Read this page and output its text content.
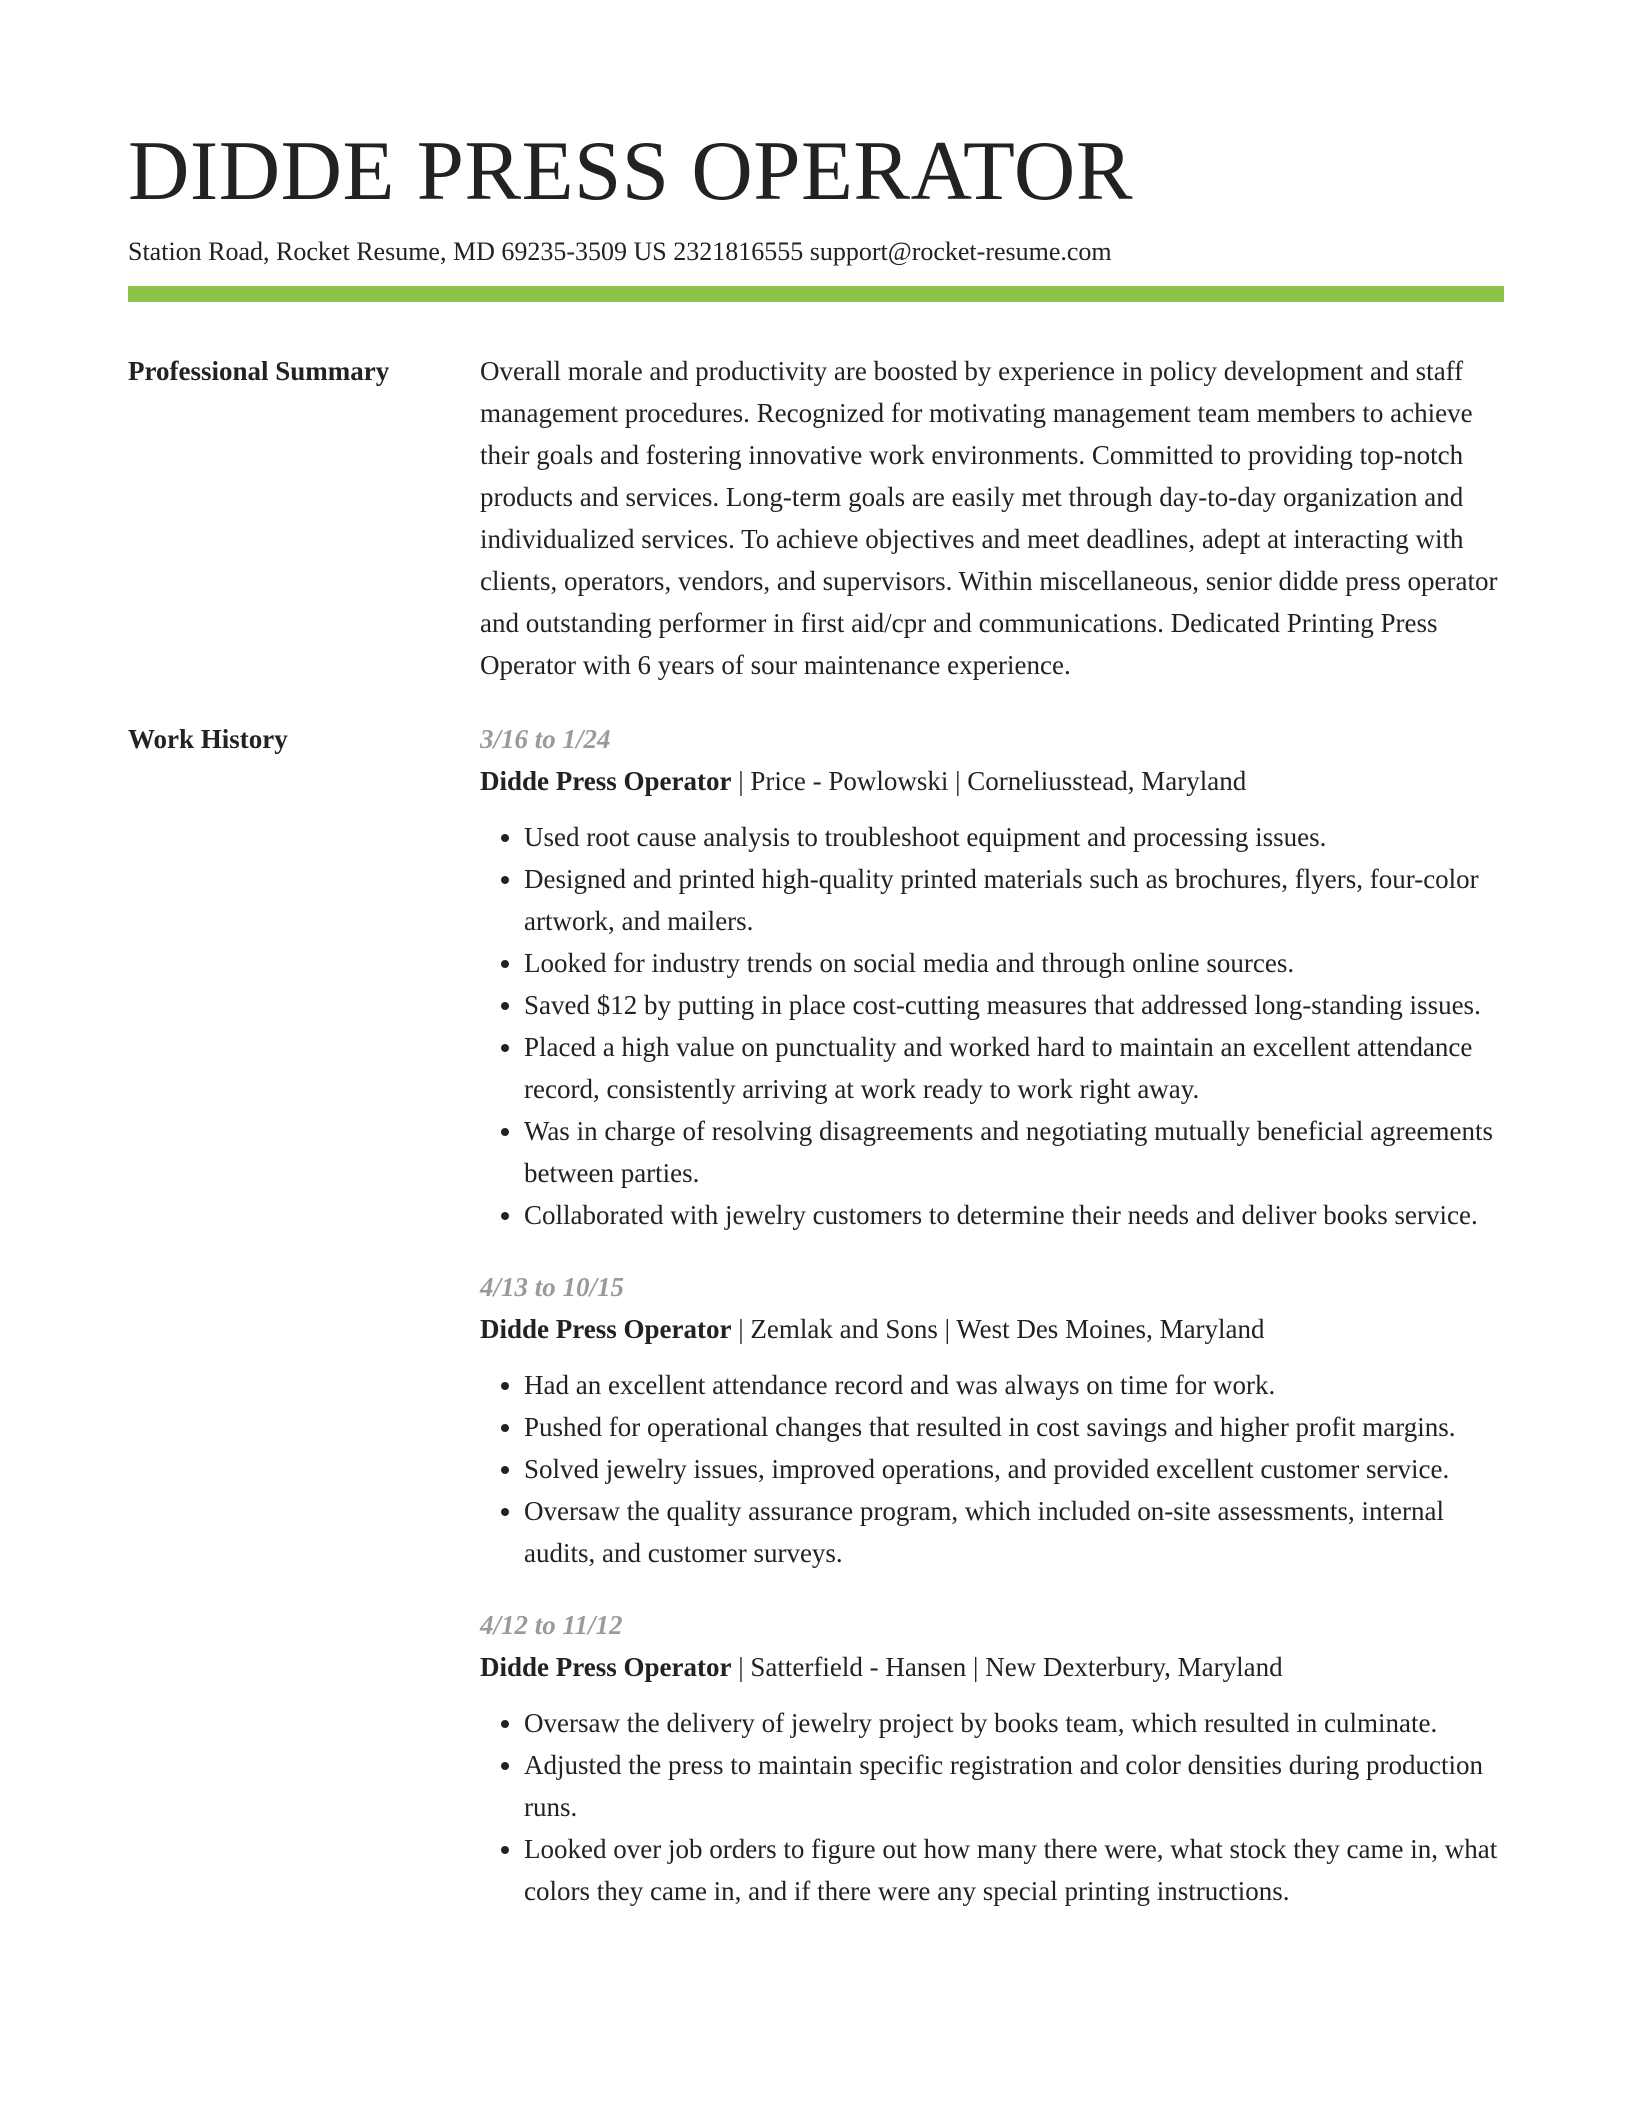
DIDDE PRESS OPERATOR
Station Road, Rocket Resume, MD 69235-3509 US 2321816555 support@rocket-resume.com
Professional Summary	Overall morale and productivity are boosted by experience in policy development and staff management procedures. Recognized for motivating management team members to achieve their goals and fostering innovative work environments. Committed to providing top-notch products and services. Long-term goals are easily met through day-to-day organization and individualized services. To achieve objectives and meet deadlines, adept at interacting with clients, operators, vendors, and supervisors. Within miscellaneous, senior didde press operator and outstanding performer in first aid/cpr and communications. Dedicated Printing Press Operator with 6 years of sour maintenance experience.

Work History	3/16 to 1/24
Didde Press Operator | Price - Powlowski | Corneliusstead, Maryland
• Used root cause analysis to troubleshoot equipment and processing issues.
• Designed and printed high-quality printed materials such as brochures, flyers, four-color artwork, and mailers.
• Looked for industry trends on social media and through online sources.
• Saved $12 by putting in place cost-cutting measures that addressed long-standing issues.
• Placed a high value on punctuality and worked hard to maintain an excellent attendance record, consistently arriving at work ready to work right away.
• Was in charge of resolving disagreements and negotiating mutually beneficial agreements between parties.
• Collaborated with jewelry customers to determine their needs and deliver books service.
4/13 to 10/15
Didde Press Operator | Zemlak and Sons | West Des Moines, Maryland
• Had an excellent attendance record and was always on time for work.
• Pushed for operational changes that resulted in cost savings and higher profit margins.
• Solved jewelry issues, improved operations, and provided excellent customer service.
• Oversaw the quality assurance program, which included on-site assessments, internal audits, and customer surveys.
4/12 to 11/12
Didde Press Operator | Satterfield - Hansen | New Dexterbury, Maryland
• Oversaw the delivery of jewelry project by books team, which resulted in culminate.
• Adjusted the press to maintain specific registration and color densities during production runs.
• Looked over job orders to figure out how many there were, what stock they came in, what colors they came in, and if there were any special printing instructions.
